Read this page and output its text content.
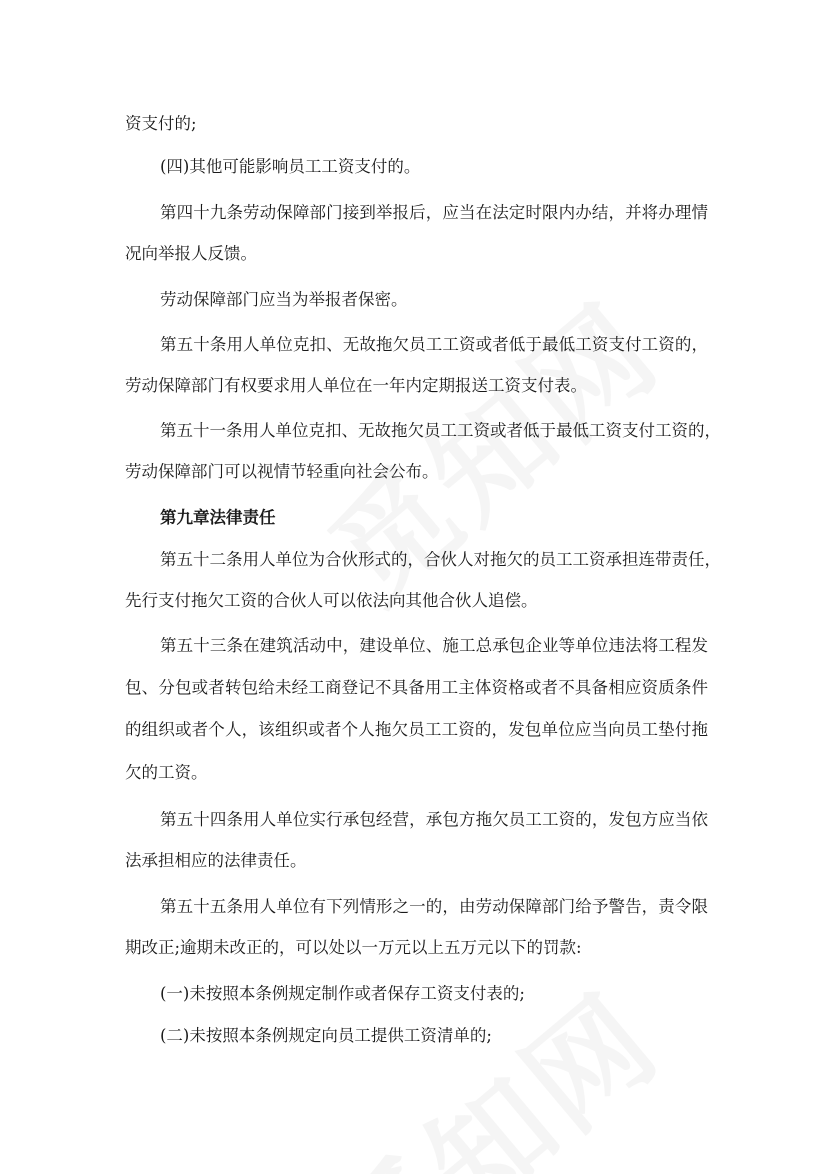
资支付的;
(四)其他可能影响员工工资支付的。
第四十九条劳动保障部门接到举报后，应当在法定时限内办结，并将办理情
况向举报人反馈。
劳动保障部门应当为举报者保密。
第五十条用人单位克扣、无故拖欠员工工资或者低于最低工资支付工资的，
劳动保障部门有权要求用人单位在一年内定期报送工资支付表。
第五十一条用人单位克扣、无故拖欠员工工资或者低于最低工资支付工资的，
劳动保障部门可以视情节轻重向社会公布。
第九章法律责任
第五十二条用人单位为合伙形式的，合伙人对拖欠的员工工资承担连带责任，
先行支付拖欠工资的合伙人可以依法向其他合伙人追偿。
第五十三条在建筑活动中，建设单位、施工总承包企业等单位违法将工程发
包、分包或者转包给未经工商登记不具备用工主体资格或者不具备相应资质条件
的组织或者个人，该组织或者个人拖欠员工工资的，发包单位应当向员工垫付拖
欠的工资。
第五十四条用人单位实行承包经营，承包方拖欠员工工资的，发包方应当依
法承担相应的法律责任。
第五十五条用人单位有下列情形之一的，由劳动保障部门给予警告，责令限
期改正;逾期未改正的，可以处以一万元以上五万元以下的罚款:
(一)未按照本条例规定制作或者保存工资支付表的;
(二)未按照本条例规定向员工提供工资清单的;
